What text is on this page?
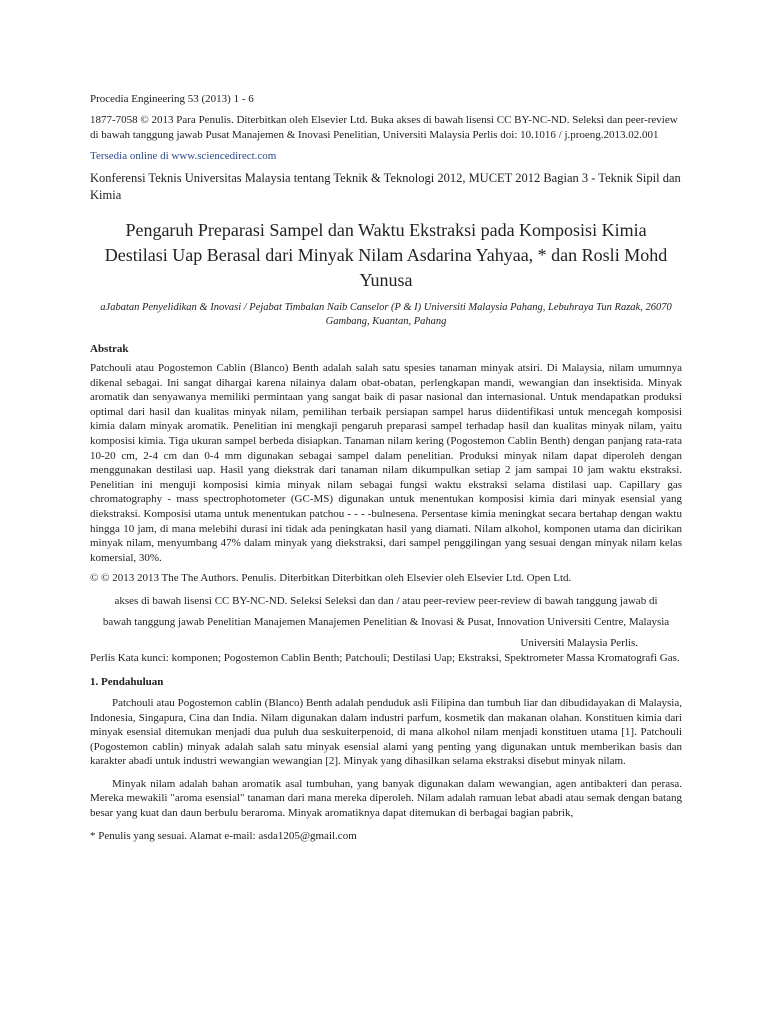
Procedia Engineering 53 (2013) 1 - 6
1877-7058 © 2013 Para Penulis. Diterbitkan oleh Elsevier Ltd. Buka akses di bawah lisensi CC BY-NC-ND. Seleksi dan peer-review di bawah tanggung jawab Pusat Manajemen & Inovasi Penelitian, Universiti Malaysia Perlis doi: 10.1016 / j.proeng.2013.02.001
Tersedia online di www.sciencedirect.com
Konferensi Teknis Universitas Malaysia tentang Teknik & Teknologi 2012, MUCET 2012 Bagian 3 - Teknik Sipil dan Kimia
Pengaruh Preparasi Sampel dan Waktu Ekstraksi pada Komposisi Kimia Destilasi Uap Berasal dari Minyak Nilam Asdarina Yahyaa, * dan Rosli Mohd Yunusa
aJabatan Penyelidikan & Inovasi / Pejabat Timbalan Naib Canselor (P & I) Universiti Malaysia Pahang, Lebuhraya Tun Razak, 26070 Gambang, Kuantan, Pahang
Abstrak

Patchouli atau Pogostemon Cablin (Blanco) Benth adalah salah satu spesies tanaman minyak atsiri. Di Malaysia, nilam umumnya dikenal sebagai. Ini sangat dihargai karena nilainya dalam obat-obatan, perlengkapan mandi, wewangian dan insektisida. Minyak aromatik dan senyawanya memiliki permintaan yang sangat baik di pasar nasional dan internasional. Untuk mendapatkan produksi optimal dari hasil dan kualitas minyak nilam, pemilihan terbaik persiapan sampel harus diidentifikasi untuk mencegah komposisi kimia dalam minyak aromatik. Penelitian ini mengkaji pengaruh preparasi sampel terhadap hasil dan kualitas minyak nilam, yaitu komposisi kimia. Tiga ukuran sampel berbeda disiapkan. Tanaman nilam kering (Pogostemon Cablin Benth) dengan panjang rata-rata 10-20 cm, 2-4 cm dan 0-4 mm digunakan sebagai sampel dalam penelitian. Produksi minyak nilam dapat diperoleh dengan menggunakan destilasi uap. Hasil yang diekstrak dari tanaman nilam dikumpulkan setiap 2 jam sampai 10 jam waktu ekstraksi. Penelitian ini menguji komposisi kimia minyak nilam sebagai fungsi waktu ekstraksi selama distilasi uap. Capillary gas chromatography - mass spectrophotometer (GC-MS) digunakan untuk menentukan komposisi kimia dari minyak esensial yang diekstraksi. Komposisi utama untuk menentukan patchou - - - -bulnesena. Persentase kimia meningkat secara bertahap dengan waktu hingga 10 jam, di mana melebihi durasi ini tidak ada peningkatan hasil yang diamati. Nilam alkohol, komponen utama dan dicirikan minyak nilam, menyumbang 47% dalam minyak yang diekstraksi, dari sampel penggilingan yang sesuai dengan minyak nilam kelas komersial, 30%.

© © 2013 2013 The The Authors. Penulis. Diterbitkan Diterbitkan oleh Elsevier oleh Elsevier Ltd. Open Ltd.
akses di bawah lisensi CC BY-NC-ND. Seleksi Seleksi dan dan / atau peer-review peer-review di bawah tanggung jawab di
bawah tanggung jawab Penelitian Manajemen Manajemen Penelitian & Inovasi & Pusat, Innovation Universiti Centre, Malaysia
Universiti Malaysia Perlis.

Perlis Kata kunci: komponen; Pogostemon Cablin Benth; Patchouli; Destilasi Uap; Ekstraksi, Spektrometer Massa Kromatografi Gas.

1. Pendahuluan

Patchouli atau Pogostemon cablin (Blanco) Benth adalah penduduk asli Filipina dan tumbuh liar dan dibudidayakan di Malaysia, Indonesia, Singapura, Cina dan India. Nilam digunakan dalam industri parfum, kosmetik dan makanan olahan. Konstituen kimia dari minyak esensial ditemukan menjadi dua puluh dua seskuiterpenoid, di mana alkohol nilam menjadi konstituen utama [1]. Patchouli (Pogostemon cablin) minyak adalah salah satu minyak esensial alami yang penting yang digunakan untuk memberikan basis dan karakter abadi untuk industri wewangian wewangian [2]. Minyak yang dihasilkan selama ekstraksi disebut minyak nilam.

Minyak nilam adalah bahan aromatik asal tumbuhan, yang banyak digunakan dalam wewangian, agen antibakteri dan perasa. Mereka mewakili "aroma esensial" tanaman dari mana mereka diperoleh. Nilam adalah ramuan lebat abadi atau semak dengan batang besar yang kuat dan daun berbulu beraroma. Minyak aromatiknya dapat ditemukan di berbagai bagian pabrik,

* Penulis yang sesuai. Alamat e-mail: asda1205@gmail.com
